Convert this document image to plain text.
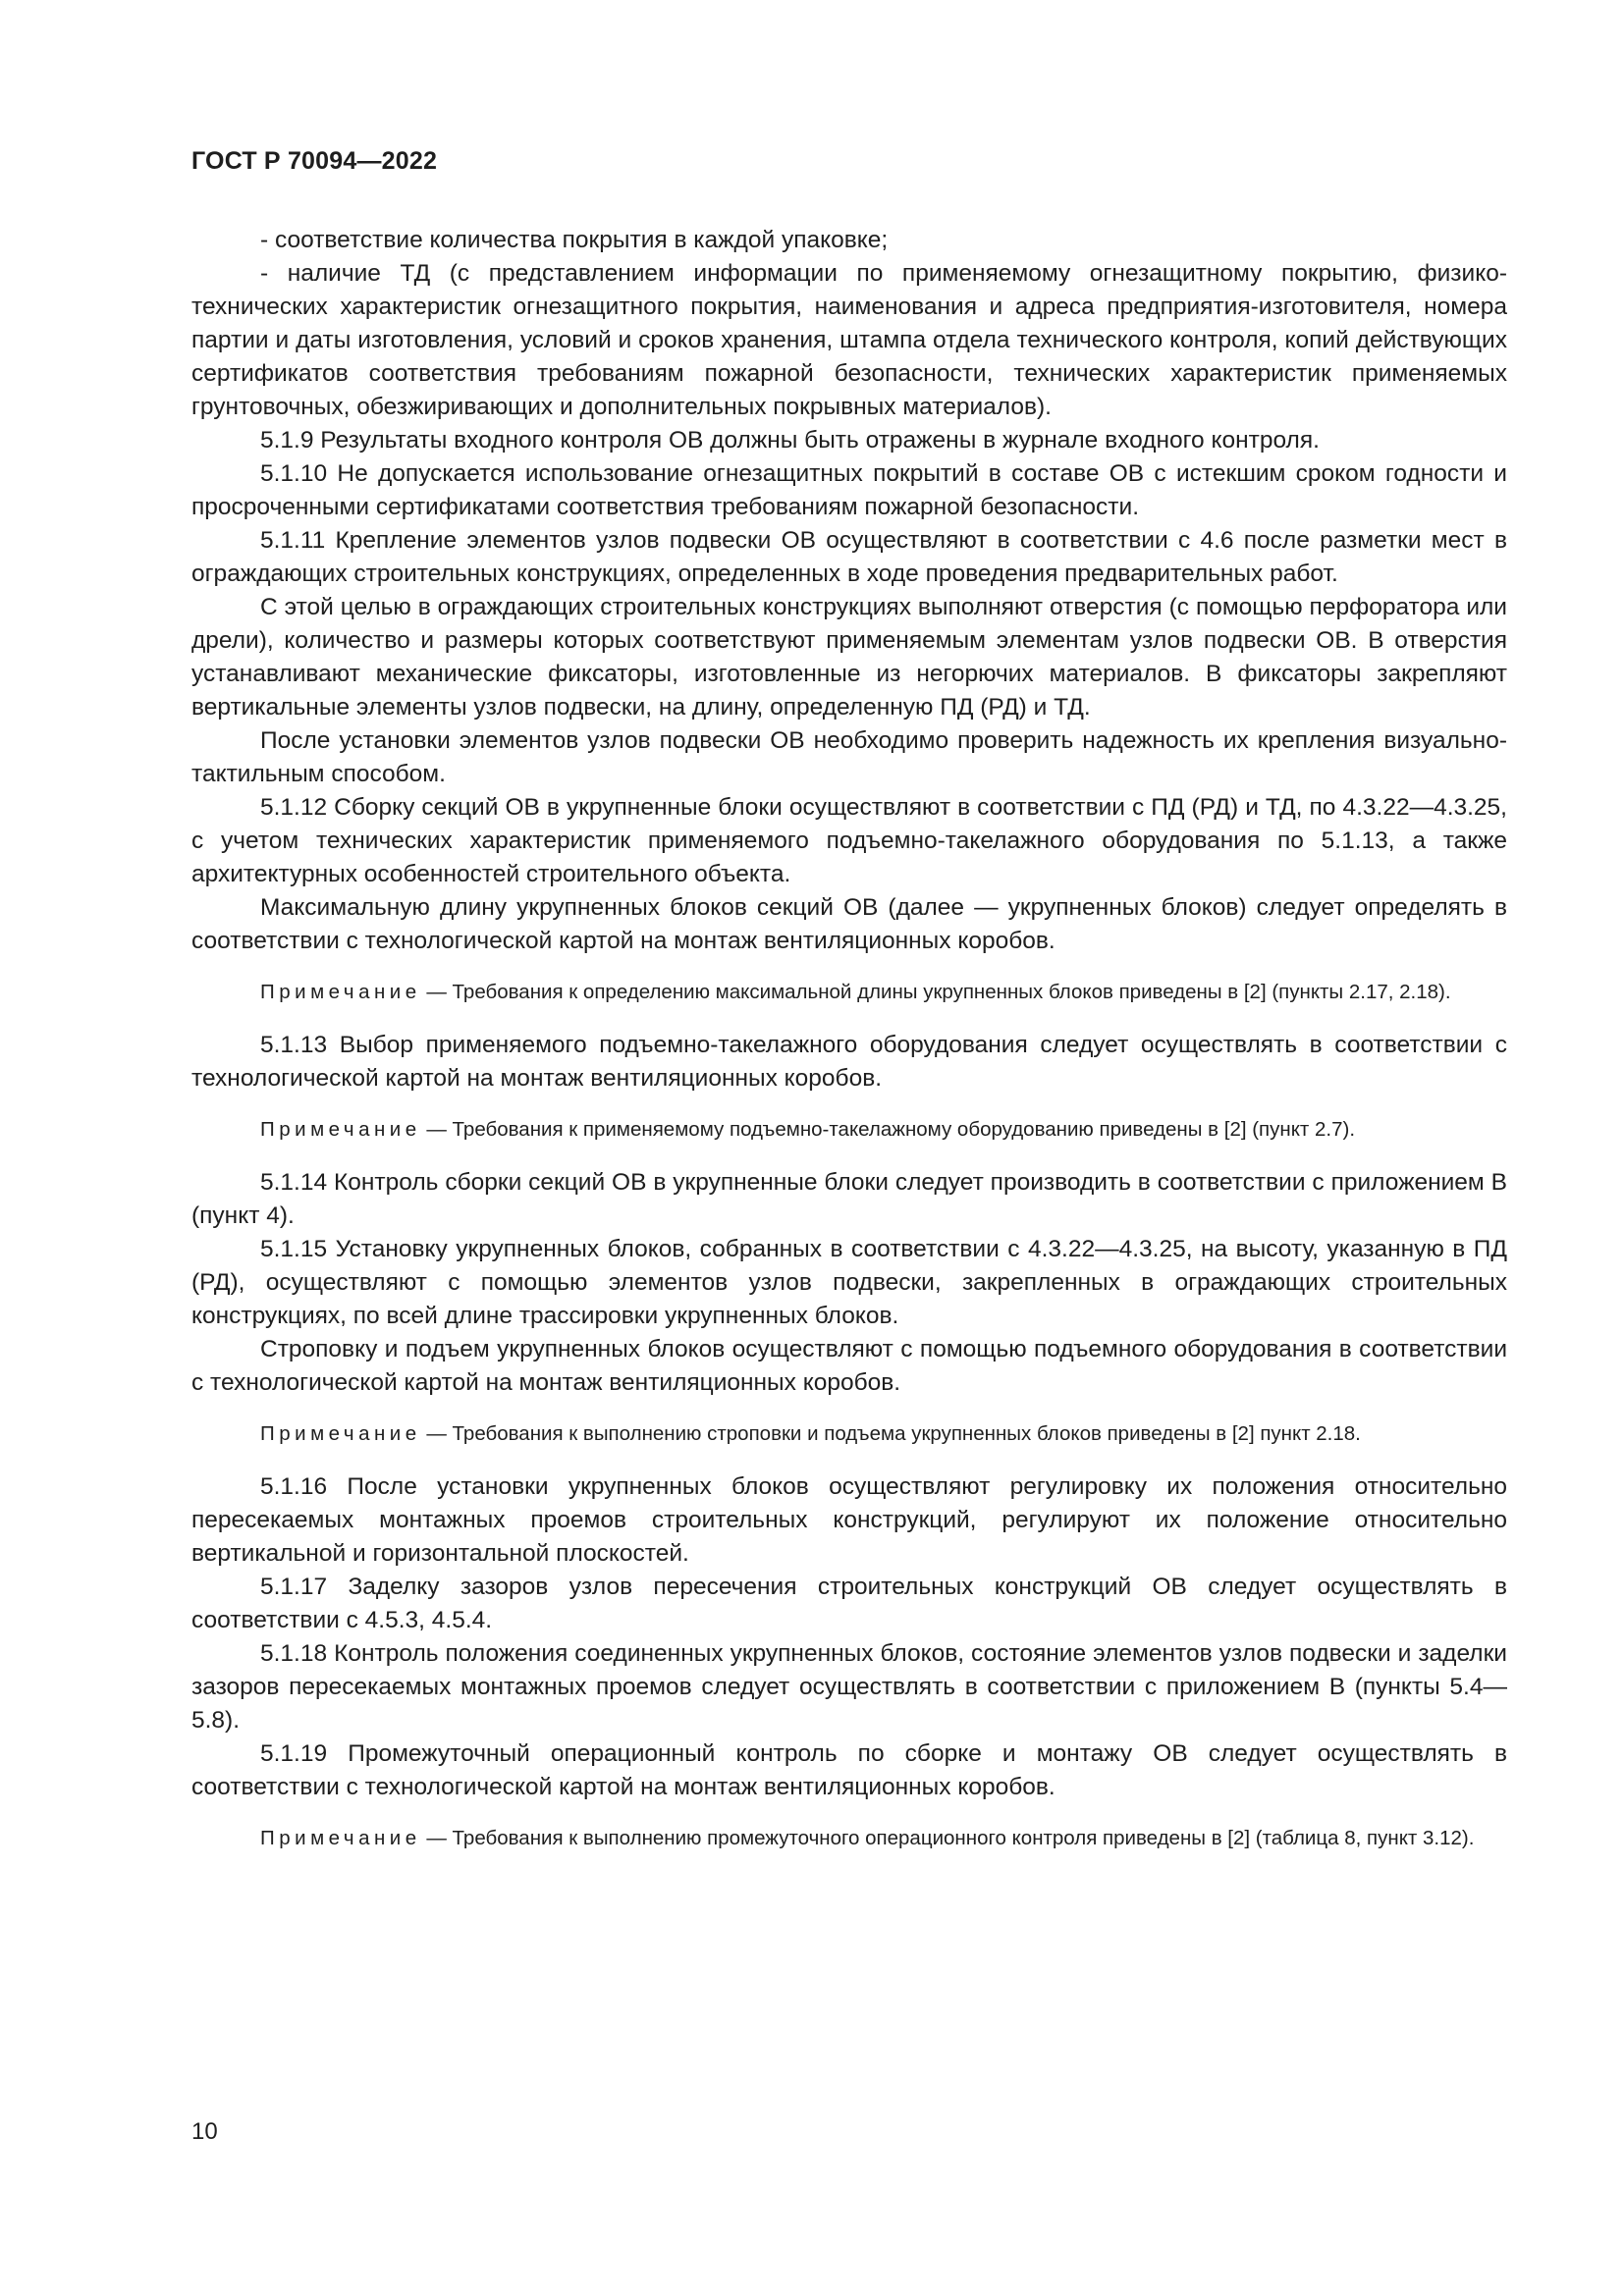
ГОСТ Р 70094—2022

- соответствие количества покрытия в каждой упаковке;

- наличие ТД (с представлением информации по применяемому огнезащитному покрытию, физико-технических характеристик огнезащитного покрытия, наименования и адреса предприятия-изготовителя, номера партии и даты изготовления, условий и сроков хранения, штампа отдела технического контроля, копий действующих сертификатов соответствия требованиям пожарной безопасности, технических характеристик применяемых грунтовочных, обезжиривающих и дополнительных покрывных материалов).

5.1.9 Результаты входного контроля ОВ должны быть отражены в журнале входного контроля.

5.1.10 Не допускается использование огнезащитных покрытий в составе ОВ с истекшим сроком годности и просроченными сертификатами соответствия требованиям пожарной безопасности.

5.1.11 Крепление элементов узлов подвески ОВ осуществляют в соответствии с 4.6 после разметки мест в ограждающих строительных конструкциях, определенных в ходе проведения предварительных работ.

С этой целью в ограждающих строительных конструкциях выполняют отверстия (с помощью перфоратора или дрели), количество и размеры которых соответствуют применяемым элементам узлов подвески ОВ. В отверстия устанавливают механические фиксаторы, изготовленные из негорючих материалов. В фиксаторы закрепляют вертикальные элементы узлов подвески, на длину, определенную ПД (РД) и ТД.

После установки элементов узлов подвески ОВ необходимо проверить надежность их крепления визуально-тактильным способом.

5.1.12 Сборку секций ОВ в укрупненные блоки осуществляют в соответствии с ПД (РД) и ТД, по 4.3.22—4.3.25, с учетом технических характеристик применяемого подъемно-такелажного оборудования по 5.1.13, а также архитектурных особенностей строительного объекта.

Максимальную длину укрупненных блоков секций ОВ (далее — укрупненных блоков) следует определять в соответствии с технологической картой на монтаж вентиляционных коробов.

Примечание — Требования к определению максимальной длины укрупненных блоков приведены в [2] (пункты 2.17, 2.18).

5.1.13 Выбор применяемого подъемно-такелажного оборудования следует осуществлять в соответствии с технологической картой на монтаж вентиляционных коробов.

Примечание — Требования к применяемому подъемно-такелажному оборудованию приведены в [2] (пункт 2.7).

5.1.14 Контроль сборки секций ОВ в укрупненные блоки следует производить в соответствии с приложением В (пункт 4).

5.1.15 Установку укрупненных блоков, собранных в соответствии с 4.3.22—4.3.25, на высоту, указанную в ПД (РД), осуществляют с помощью элементов узлов подвески, закрепленных в ограждающих строительных конструкциях, по всей длине трассировки укрупненных блоков.

Строповку и подъем укрупненных блоков осуществляют с помощью подъемного оборудования в соответствии с технологической картой на монтаж вентиляционных коробов.

Примечание — Требования к выполнению строповки и подъема укрупненных блоков приведены в [2] пункт 2.18.

5.1.16 После установки укрупненных блоков осуществляют регулировку их положения относительно пересекаемых монтажных проемов строительных конструкций, регулируют их положение относительно вертикальной и горизонтальной плоскостей.

5.1.17 Заделку зазоров узлов пересечения строительных конструкций ОВ следует осуществлять в соответствии с 4.5.3, 4.5.4.

5.1.18 Контроль положения соединенных укрупненных блоков, состояние элементов узлов подвески и заделки зазоров пересекаемых монтажных проемов следует осуществлять в соответствии с приложением В (пункты 5.4—5.8).

5.1.19 Промежуточный операционный контроль по сборке и монтажу ОВ следует осуществлять в соответствии с технологической картой на монтаж вентиляционных коробов.

Примечание — Требования к выполнению промежуточного операционного контроля приведены в [2] (таблица 8, пункт 3.12).

10
